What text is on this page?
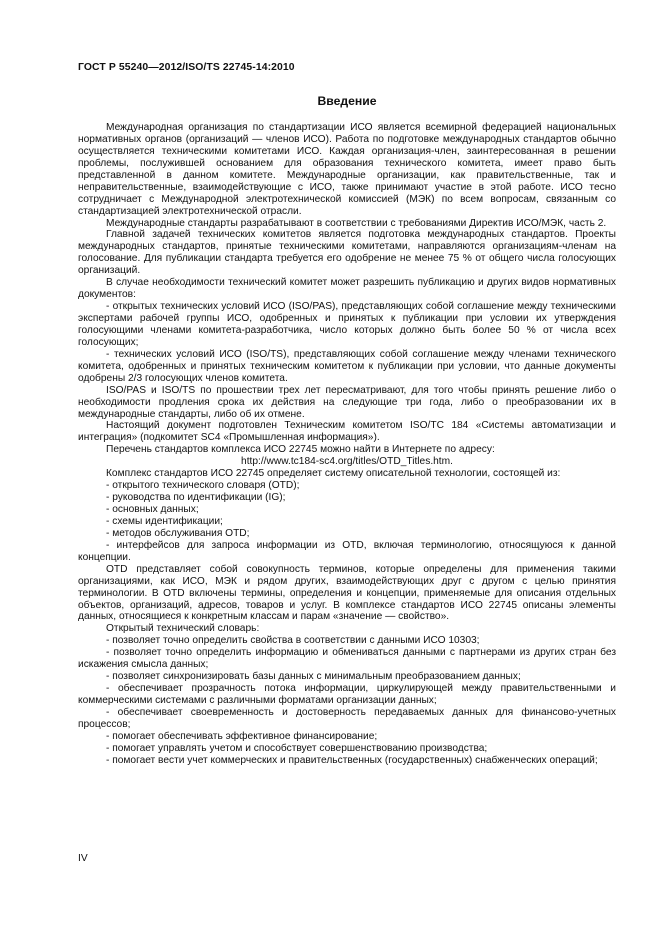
ГОСТ Р 55240—2012/ISO/TS 22745-14:2010
Введение

Международная организация по стандартизации ИСО является всемирной федерацией национальных нормативных органов (организаций — членов ИСО). Работа по подготовке международных стандартов обычно осуществляется техническими комитетами ИСО. Каждая организация-член, заинтересованная в решении проблемы, послужившей основанием для образования технического комитета, имеет право быть представленной в данном комитете. Международные организации, как правительственные, так и неправительственные, взаимодействующие с ИСО, также принимают участие в этой работе. ИСО тесно сотрудничает с Международной электротехнической комиссией (МЭК) по всем вопросам, связанным со стандартизацией электротехнической отрасли.

Международные стандарты разрабатывают в соответствии с требованиями Директив ИСО/МЭК, часть 2.

Главной задачей технических комитетов является подготовка международных стандартов. Проекты международных стандартов, принятые техническими комитетами, направляются организациям-членам на голосование. Для публикации стандарта требуется его одобрение не менее 75 % от общего числа голосующих организаций.

В случае необходимости технический комитет может разрешить публикацию и других видов нормативных документов:

- открытых технических условий ИСО (ISO/PAS), представляющих собой соглашение между техническими экспертами рабочей группы ИСО, одобренных и принятых к публикации при условии их утверждения голосующими членами комитета-разработчика, число которых должно быть более 50 % от числа всех голосующих;

- технических условий ИСО (ISO/TS), представляющих собой соглашение между членами технического комитета, одобренных и принятых техническим комитетом к публикации при условии, что данные документы одобрены 2/3 голосующих членов комитета.

ISO/PAS и ISO/TS по прошествии трех лет пересматривают, для того чтобы принять решение либо о необходимости продления срока их действия на следующие три года, либо о преобразовании их в международные стандарты, либо об их отмене.

Настоящий документ подготовлен Техническим комитетом ISO/TC 184 «Системы автоматизации и интеграция» (подкомитет SC4 «Промышленная информация»).

Перечень стандартов комплекса ИСО 22745 можно найти в Интернете по адресу:

http://www.tc184-sc4.org/titles/OTD_Titles.htm.

Комплекс стандартов ИСО 22745 определяет систему описательной технологии, состоящей из:

- открытого технического словаря (OTD);

- руководства по идентификации (IG);

- основных данных;

- схемы идентификации;

- методов обслуживания OTD;

- интерфейсов для запроса информации из OTD, включая терминологию, относящуюся к данной концепции.

OTD представляет собой совокупность терминов, которые определены для применения такими организациями, как ИСО, МЭК и рядом других, взаимодействующих друг с другом с целью принятия терминологии. В OTD включены термины, определения и концепции, применяемые для описания отдельных объектов, организаций, адресов, товаров и услуг. В комплексе стандартов ИСО 22745 описаны элементы данных, относящиеся к конкретным классам и парам «значение — свойство».

Открытый технический словарь:

- позволяет точно определить свойства в соответствии с данными ИСО 10303;

- позволяет точно определить информацию и обмениваться данными с партнерами из других стран без искажения смысла данных;

- позволяет синхронизировать базы данных с минимальным преобразованием данных;

- обеспечивает прозрачность потока информации, циркулирующей между правительственными и коммерческими системами с различными форматами организации данных;

- обеспечивает своевременность и достоверность передаваемых данных для финансово-учетных процессов;

- помогает обеспечивать эффективное финансирование;

- помогает управлять учетом и способствует совершенствованию производства;

- помогает вести учет коммерческих и правительственных (государственных) снабженческих операций;

IV
